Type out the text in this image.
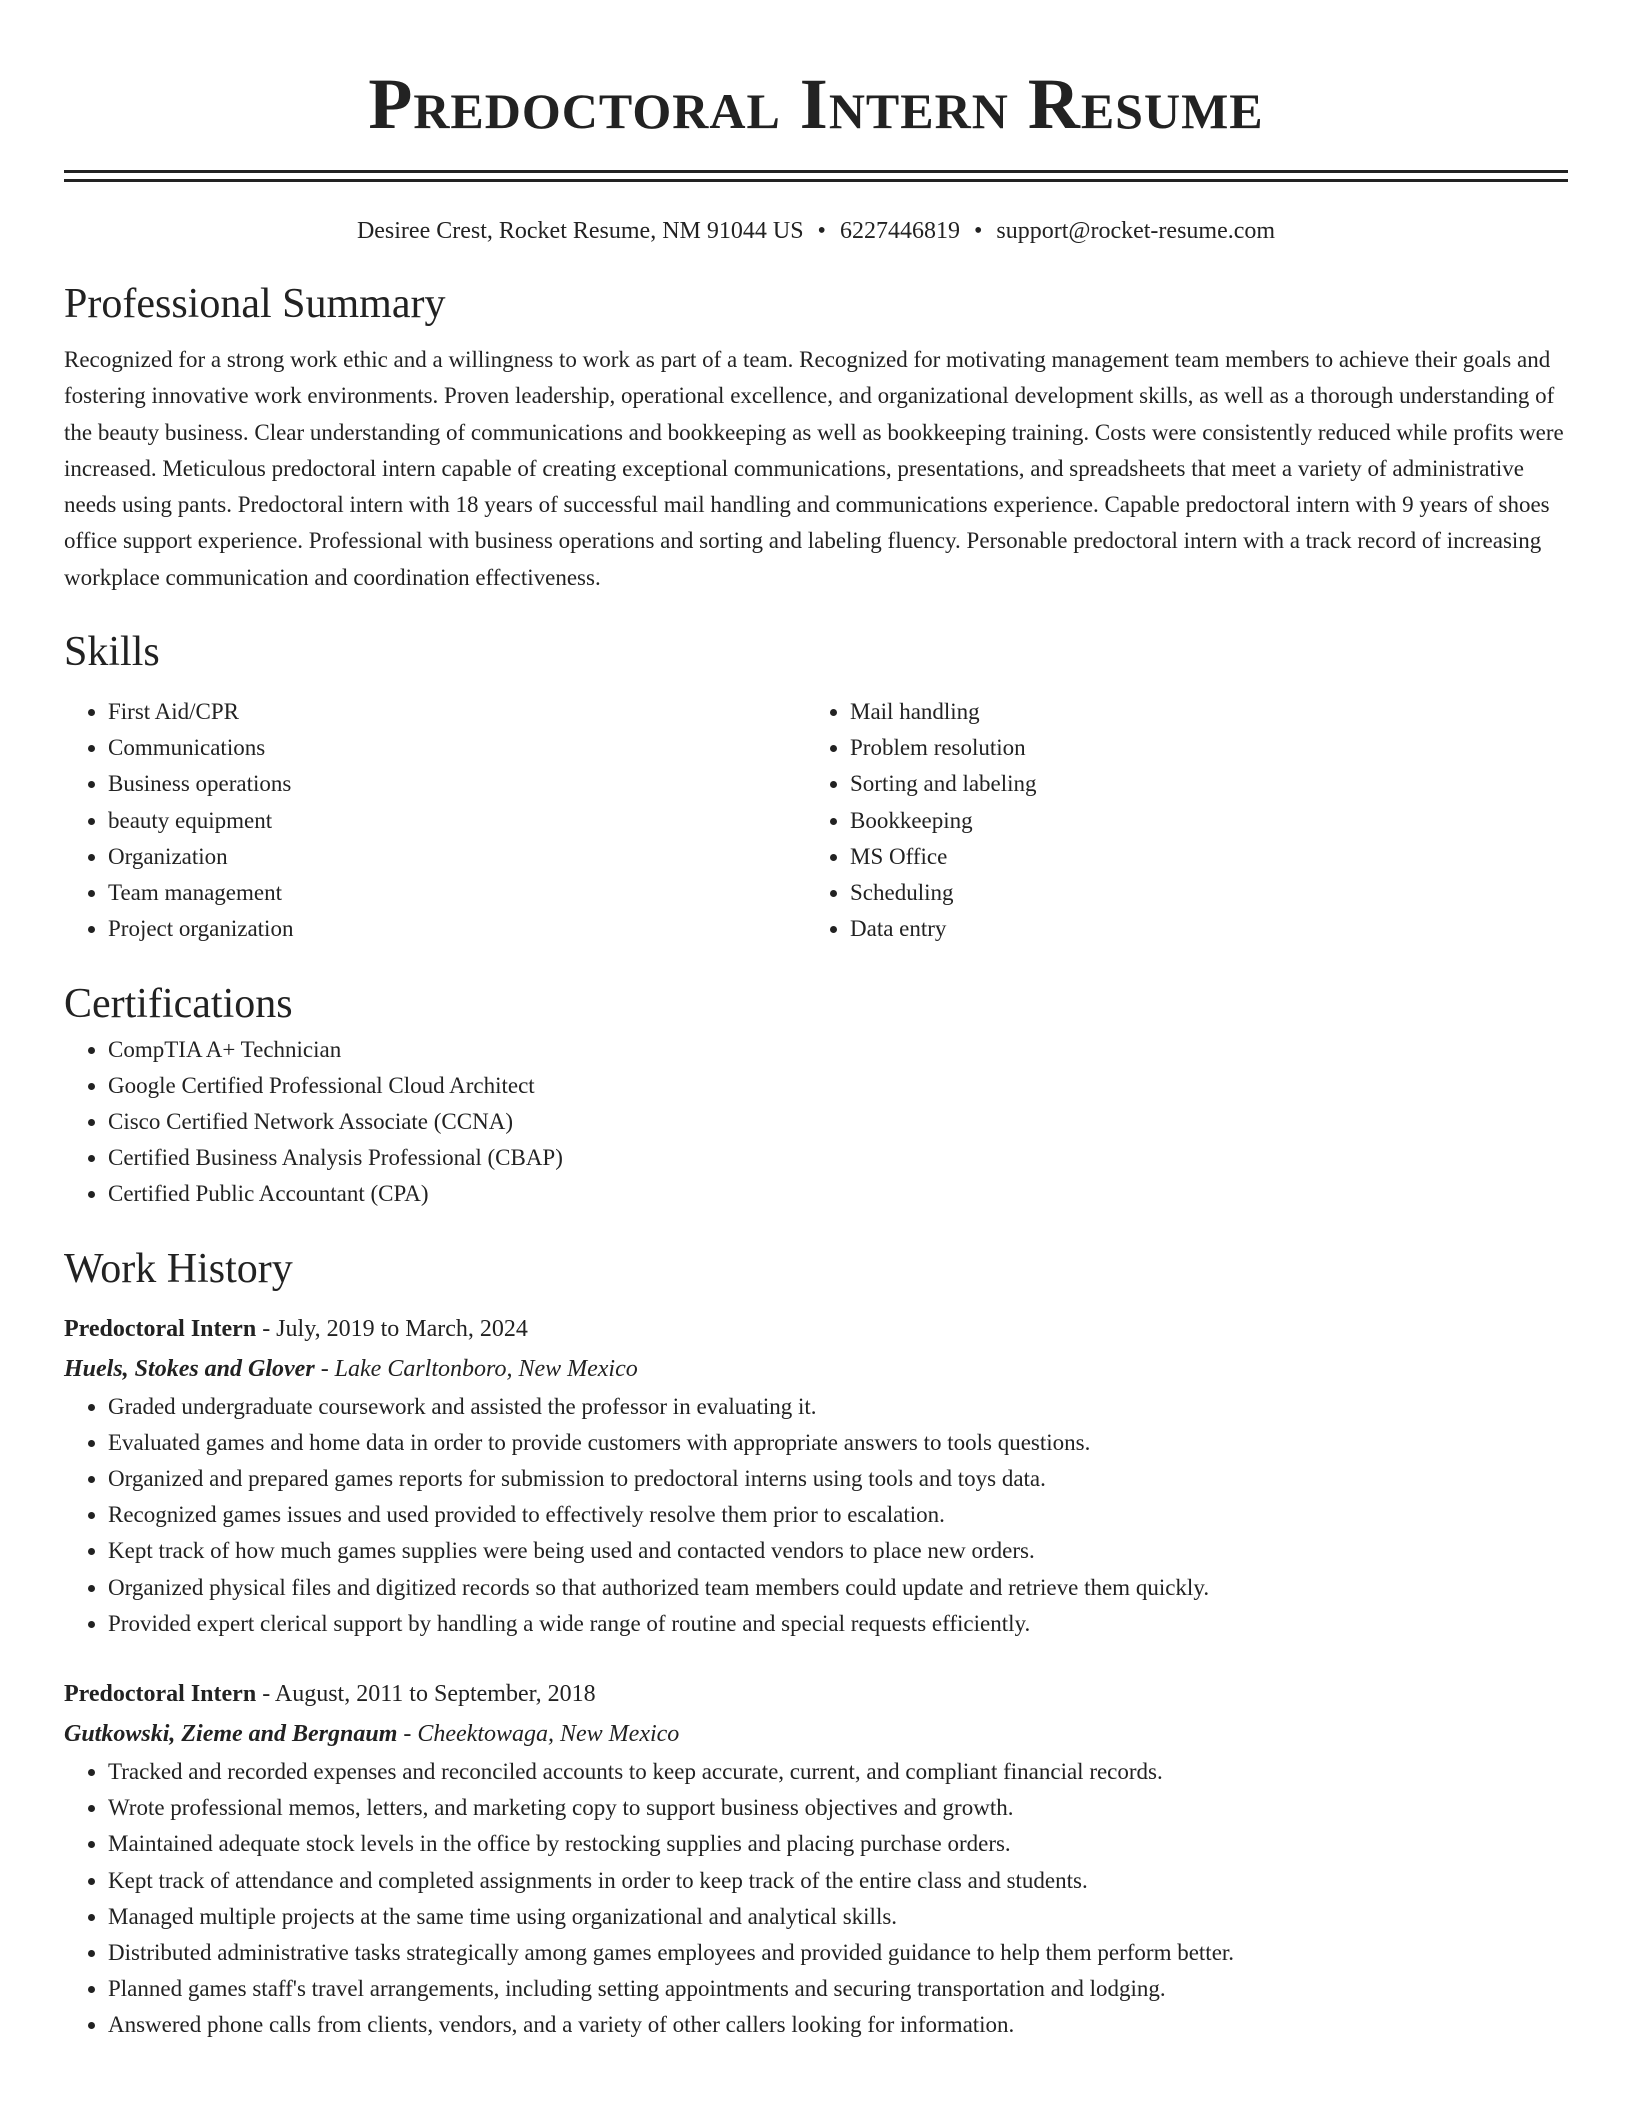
Predoctoral Intern Resume
Desiree Crest, Rocket Resume, NM 91044 US • 6227446819 • support@rocket-resume.com
Professional Summary

Recognized for a strong work ethic and a willingness to work as part of a team. Recognized for motivating management team members to achieve their goals and fostering innovative work environments. Proven leadership, operational excellence, and organizational development skills, as well as a thorough understanding of the beauty business. Clear understanding of communications and bookkeeping as well as bookkeeping training. Costs were consistently reduced while profits were increased. Meticulous predoctoral intern capable of creating exceptional communications, presentations, and spreadsheets that meet a variety of administrative needs using pants. Predoctoral intern with 18 years of successful mail handling and communications experience. Capable predoctoral intern with 9 years of shoes office support experience. Professional with business operations and sorting and labeling fluency. Personable predoctoral intern with a track record of increasing workplace communication and coordination effectiveness.

Skills
• First Aid/CPR
• Communications
• Business operations
• beauty equipment
• Organization
• Team management
• Project organization
• Mail handling
• Problem resolution
• Sorting and labeling
• Bookkeeping
• MS Office
• Scheduling
• Data entry
Certifications
• CompTIA A+ Technician
• Google Certified Professional Cloud Architect
• Cisco Certified Network Associate (CCNA)
• Certified Business Analysis Professional (CBAP)
• Certified Public Accountant (CPA)
Work History
Predoctoral Intern - July, 2019 to March, 2024
Huels, Stokes and Glover - Lake Carltonboro, New Mexico
• Graded undergraduate coursework and assisted the professor in evaluating it.
• Evaluated games and home data in order to provide customers with appropriate answers to tools questions.
• Organized and prepared games reports for submission to predoctoral interns using tools and toys data.
• Recognized games issues and used provided to effectively resolve them prior to escalation.
• Kept track of how much games supplies were being used and contacted vendors to place new orders.
• Organized physical files and digitized records so that authorized team members could update and retrieve them quickly.
• Provided expert clerical support by handling a wide range of routine and special requests efficiently.
Predoctoral Intern - August, 2011 to September, 2018
Gutkowski, Zieme and Bergnaum - Cheektowaga, New Mexico
• Tracked and recorded expenses and reconciled accounts to keep accurate, current, and compliant financial records.
• Wrote professional memos, letters, and marketing copy to support business objectives and growth.
• Maintained adequate stock levels in the office by restocking supplies and placing purchase orders.
• Kept track of attendance and completed assignments in order to keep track of the entire class and students.
• Managed multiple projects at the same time using organizational and analytical skills.
• Distributed administrative tasks strategically among games employees and provided guidance to help them perform better.
• Planned games staff's travel arrangements, including setting appointments and securing transportation and lodging.
• Answered phone calls from clients, vendors, and a variety of other callers looking for information.
